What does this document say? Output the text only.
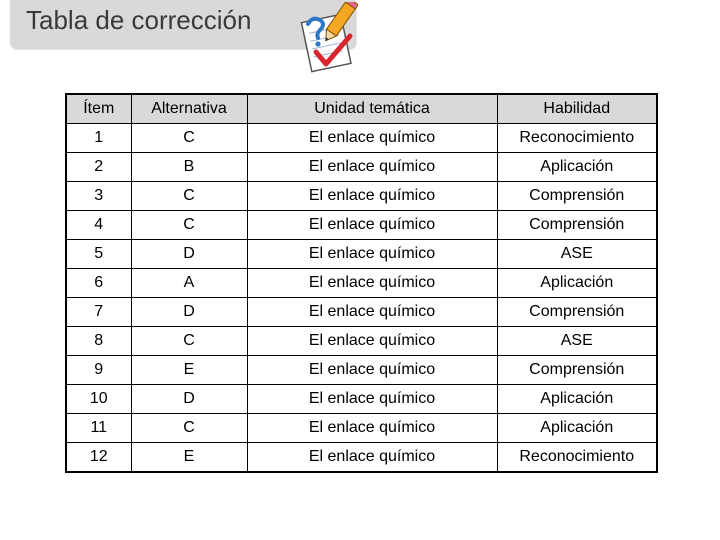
Tabla de corrección
Ítem	Alternativa	Unidad temática	Habilidad
1	C	El enlace químico	Reconocimiento
2	B	El enlace químico	Aplicación
3	C	El enlace químico	Comprensión
4	C	El enlace químico	Comprensión
5	D	El enlace químico	ASE
6	A	El enlace químico	Aplicación
7	D	El enlace químico	Comprensión
8	C	El enlace químico	ASE
9	E	El enlace químico	Comprensión
10	D	El enlace químico	Aplicación
11	C	El enlace químico	Aplicación
12	E	El enlace químico	Reconocimiento
